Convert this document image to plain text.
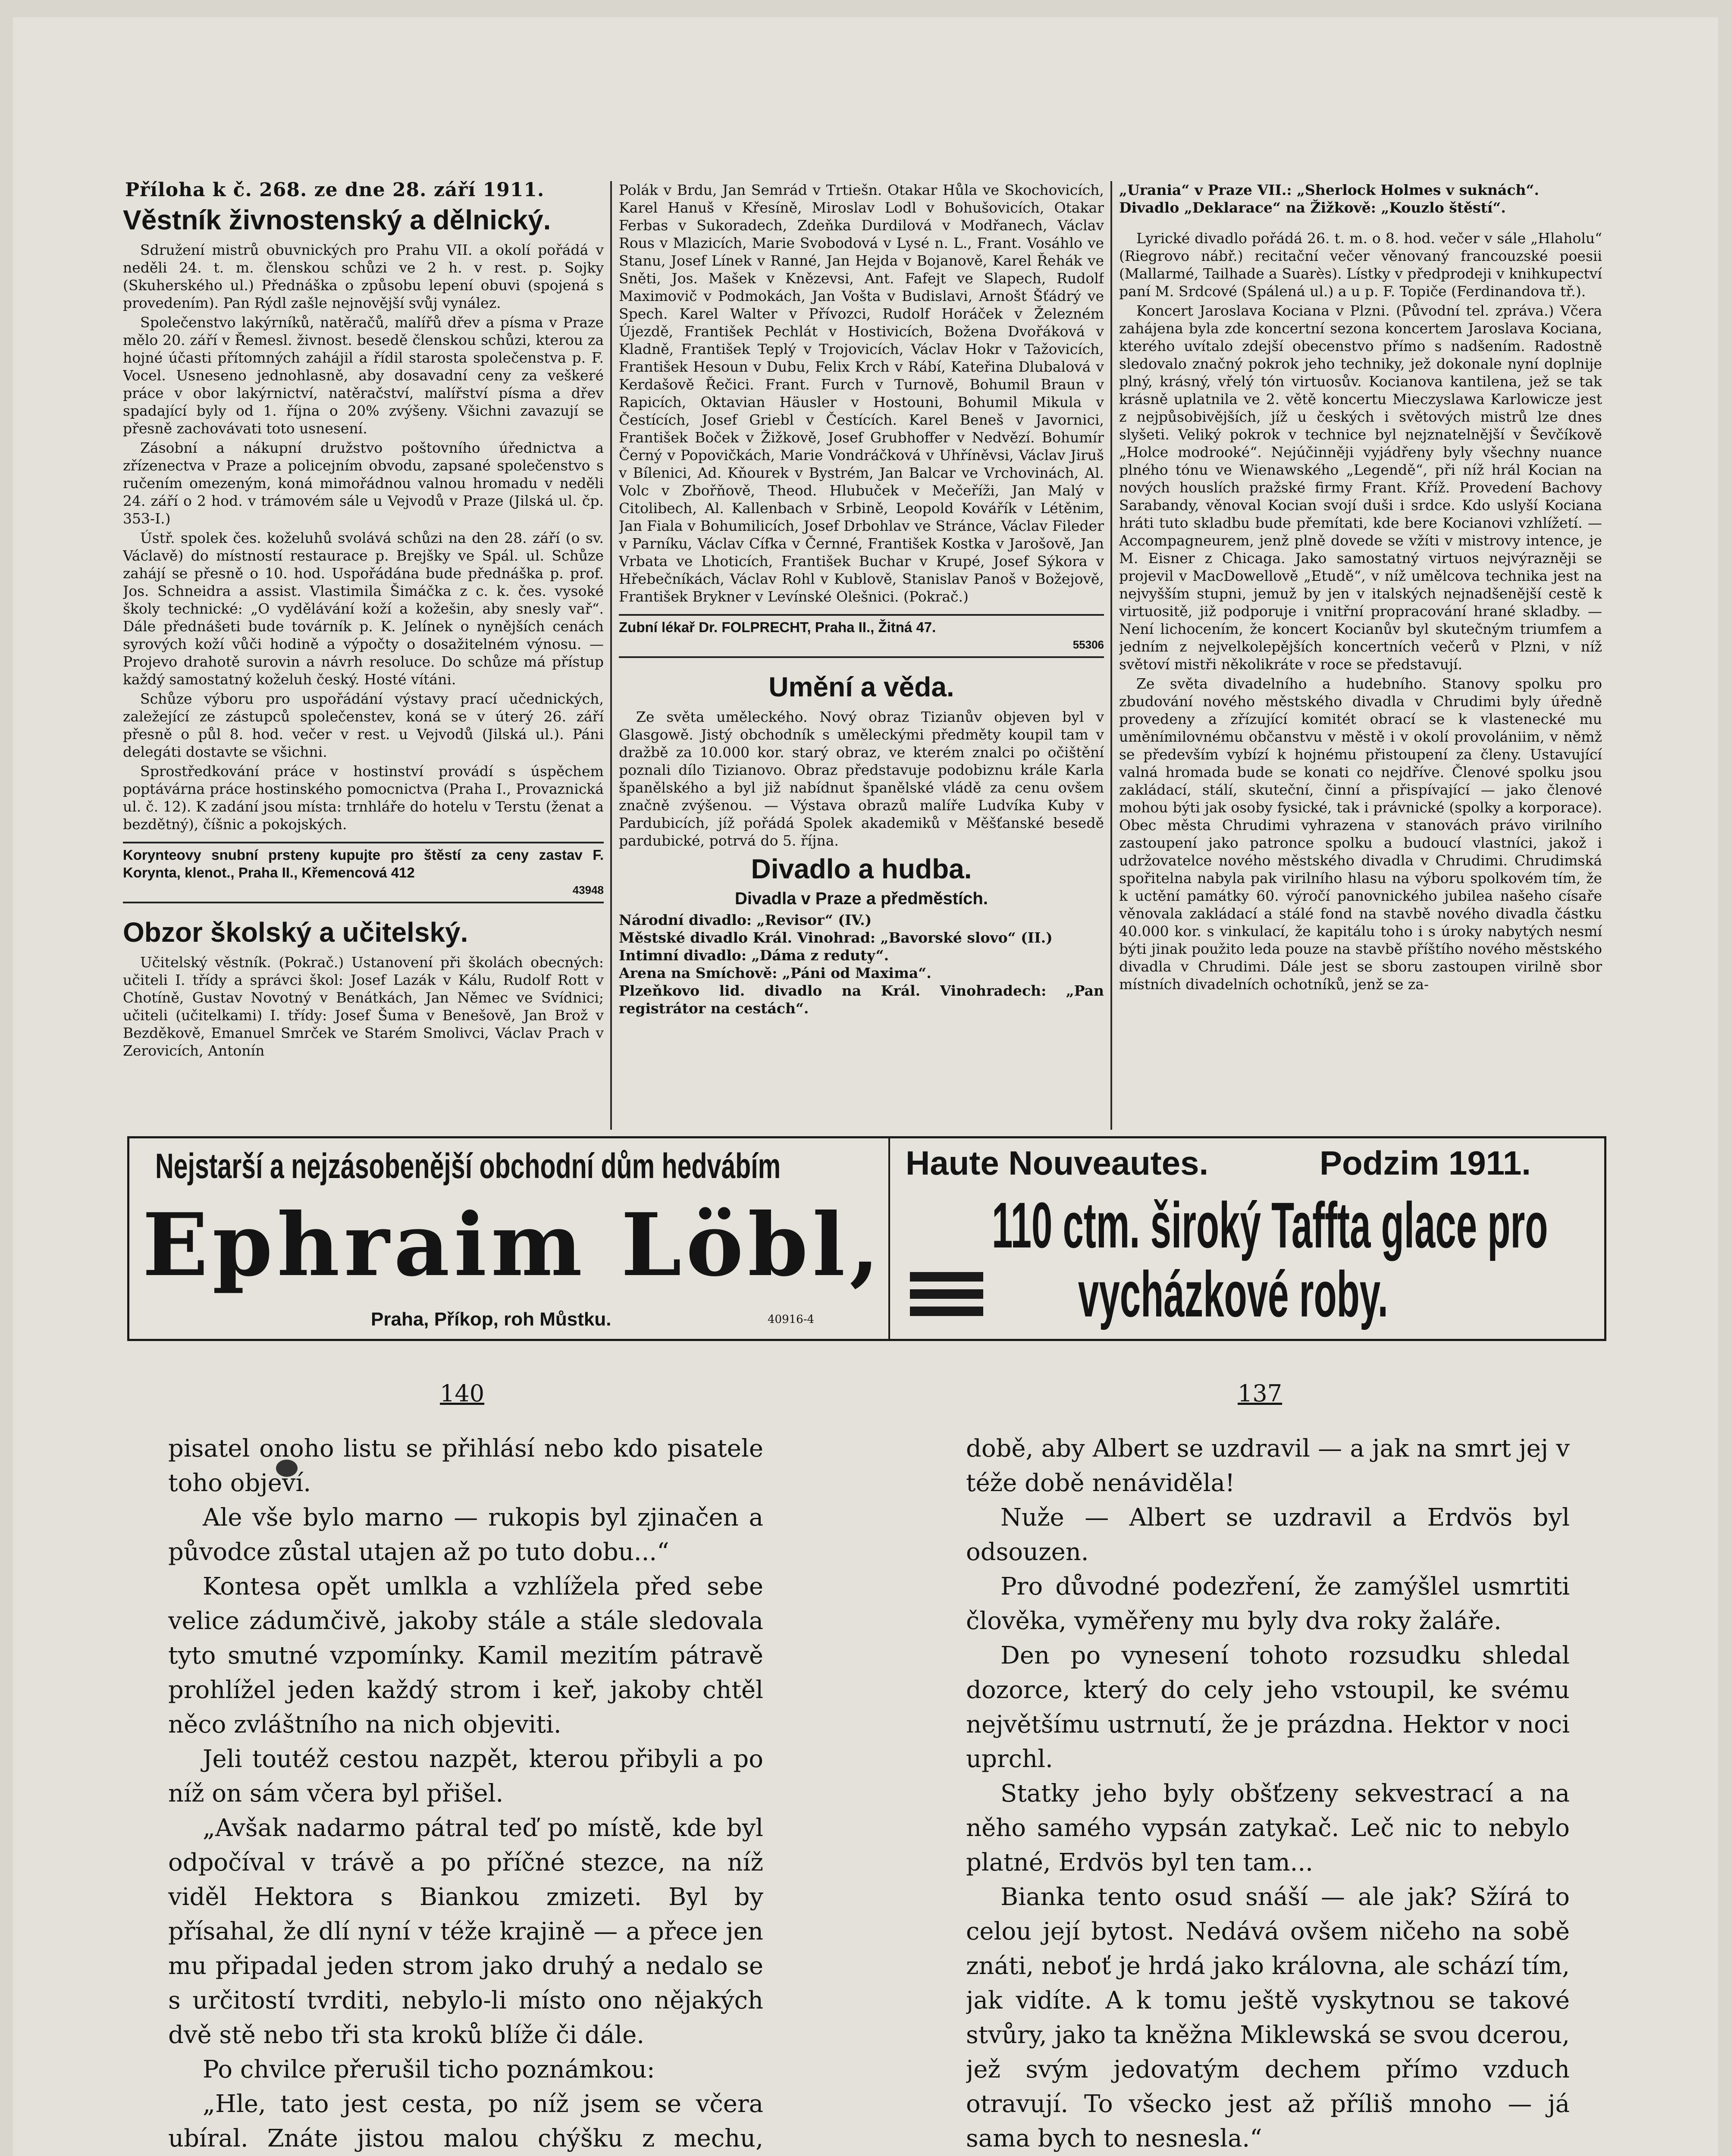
Příloha k č. 268. ze dne 28. září 1911.
Věstník živnostenský a dělnický.

Sdružení mistrů obuvnických pro Prahu VII. a okolí pořádá v neděli 24. t. m. členskou schůzi ve 2 h. v rest. p. Sojky (Skuherského ul.) Přednáška o způsobu lepení obuvi (spojená s provedením). Pan Rýdl zašle nejnovější svůj vynález.

Společenstvo lakýrníků, natěračů, malířů dřev a písma v Praze mělo 20. září v Řemesl. živnost. besedě členskou schůzi, kterou za hojné účasti přítomných zahájil a řídil starosta společenstva p. F. Vocel. Usneseno jednohlasně, aby dosavadní ceny za veškeré práce v obor lakýrnictví, natěračství, malířství písma a dřev spadající byly od 1. října o 20% zvýšeny. Všichni zavazují se přesně zachovávati toto usnesení.

Zásobní a nákupní družstvo poštovního úřednictva a zřízenectva v Praze a policejním obvodu, zapsané společenstvo s ručením omezeným, koná mimořádnou valnou hromadu v neděli 24. září o 2 hod. v trámovém sále u Vejvodů v Praze (Jilská ul. čp. 353-I.)

Ústř. spolek čes. koželuhů svolává schůzi na den 28. září (o sv. Václavě) do místností restaurace p. Brejšky ve Spál. ul. Schůze zahájí se přesně o 10. hod. Uspořádána bude přednáška p. prof. Jos. Schneidra a assist. Vlastimila Šimáčka z c. k. čes. vysoké školy technické: „O vydělávání koží a kožešin, aby snesly vař“. Dále přednášeti bude továrník p. K. Jelínek o nynějších cenách syrových koží vůči hodině a výpočty o dosažitelném výnosu. — Projevo drahotě surovin a návrh resoluce. Do schůze má přístup každý samostatný koželuh český. Hosté vítáni.

Schůze výboru pro uspořádání výstavy prací učednických, zaležející ze zástupců společenstev, koná se v úterý 26. září přesně o půl 8. hod. večer v rest. u Vejvodů (Jilská ul.). Páni delegáti dostavte se všichni.

Sprostředkování práce v hostinství provádí s úspěchem poptávárna práce hostinského pomocnictva (Praha I., Provaznická ul. č. 12). K zadání jsou místa: trnhláře do hotelu v Terstu (ženat a bezdětný), číšnic a pokojských.

Korynteovy snubní prsteny kupujte pro štěstí za ceny zastav F. Korynta, klenot., Praha II., Křemencová 412
43948
Obzor školský a učitelský.

Učitelský věstník. (Pokrač.) Ustanovení při školách obecných: učiteli I. třídy a správci škol: Josef Lazák v Kálu, Rudolf Rott v Chotíně, Gustav Novotný v Benátkách, Jan Němec ve Svídnici; učiteli (učitelkami) I. třídy: Josef Šuma v Benešově, Jan Brož v Bezděkově, Emanuel Smrček ve Starém Smolivci, Václav Prach v Zerovicích, Antonín

Polák v Brdu, Jan Semrád v Trtiešn. Otakar Hůla ve Skochovicích, Karel Hanuš v Křesíně, Miroslav Lodl v Bohušovicích, Otakar Ferbas v Sukoradech, Zdeňka Durdilová v Modřanech, Václav Rous v Mlazicích, Marie Svobodová v Lysé n. L., Frant. Vosáhlo ve Stanu, Josef Línek v Ranné, Jan Hejda v Bojanově, Karel Řehák ve Sněti, Jos. Mašek v Knězevsi, Ant. Fafejt ve Slapech, Rudolf Maximovič v Podmokách, Jan Vošta v Budislavi, Arnošt Šťádrý ve Spech. Karel Walter v Přívozci, Rudolf Horáček v Železném Újezdě, František Pechlát v Hostivicích, Božena Dvořáková v Kladně, František Teplý v Trojovicích, Václav Hokr v Tažovicích, František Hesoun v Dubu, Felix Krch v Rábí, Kateřina Dlubalová v Kerdašově Řečici. Frant. Furch v Turnově, Bohumil Braun v Rapicích, Oktavian Häusler v Hostouni, Bohumil Mikula v Čestících, Josef Griebl v Čestících. Karel Beneš v Javornici, František Boček v Žižkově, Josef Grubhoffer v Nedvězí. Bohumír Černý v Popovičkách, Marie Vondráčková v Uhříněvsi, Václav Jiruš v Bílenici, Ad. Kňourek v Bystrém, Jan Balcar ve Vrchovinách, Al. Volc v Zbořňově, Theod. Hlubuček v Mečeříži, Jan Malý v Citolibech, Al. Kallenbach v Srbině, Leopold Kovářík v Létěnim, Jan Fiala v Bohumilicích, Josef Drbohlav ve Stránce, Václav Fileder v Parníku, Václav Cífka v Černné, František Kostka v Jarošově, Jan Vrbata ve Lhoticích, František Buchar v Krupé, Josef Sýkora v Hřebečníkách, Václav Rohl v Kublově, Stanislav Panoš v Božejově, František Brykner v Levínské Olešnici. (Pokrač.)

Zubní lékař Dr. FOLPRECHT, Praha II., Žitná 47.
55306
Umění a věda.

Ze světa uměleckého. Nový obraz Tizianův objeven byl v Glasgowě. Jistý obchodník s uměleckými předměty koupil tam v dražbě za 10.000 kor. starý obraz, ve kterém znalci po očištění poznali dílo Tizianovo. Obraz představuje podobiznu krále Karla španělského a byl již nabídnut španělské vládě za cenu ovšem značně zvýšenou. — Výstava obrazů malíře Ludvíka Kuby v Pardubicích, jíž pořádá Spolek akademiků v Měšťanské besedě pardubické, potrvá do 5. října.

Divadlo a hudba.
Divadla v Praze a předměstích.

Národní divadlo: „Revisor“ (IV.)

Městské divadlo Král. Vinohrad: „Bavorské slovo“ (II.)

Intimní divadlo: „Dáma z reduty“.

Arena na Smíchově: „Páni od Maxima“.

Plzeňkovo lid. divadlo na Král. Vinohradech: „Pan registrátor na cestách“.

„Urania“ v Praze VII.: „Sherlock Holmes v suknách“.

Divadlo „Deklarace“ na Žižkově: „Kouzlo štěstí“.

Lyrické divadlo pořádá 26. t. m. o 8. hod. večer v sále „Hlaholu“ (Riegrovo nábř.) recitační večer věnovaný francouzské poesii (Mallarmé, Tailhade a Suarès). Lístky v předprodeji v knihkupectví paní M. Srdcové (Spálená ul.) a u p. F. Topiče (Ferdinandova tř.).

Koncert Jaroslava Kociana v Plzni. (Původní tel. zpráva.) Včera zahájena byla zde koncertní sezona koncertem Jaroslava Kociana, kterého uvítalo zdejší obecenstvo přímo s nadšením. Radostně sledovalo značný pokrok jeho techniky, jež dokonale nyní doplnije plný, krásný, vřelý tón virtuosův. Kocianova kantilena, jež se tak krásně uplatnila ve 2. větě koncertu Mieczyslawa Karlowicze jest z nejpůsobivějších, jíž u českých i světových mistrů lze dnes slyšeti. Veliký pokrok v technice byl nejznatelnější v Ševčíkově „Holce modrooké“. Nejúčinněji vyjádřeny byly všechny nuance plného tónu ve Wienawského „Legendě“, při níž hrál Kocian na nových houslích pražské firmy Frant. Kříž. Provedení Bachovy Sarabandy, věnoval Kocian svojí duši i srdce. Kdo uslyší Kociana hráti tuto skladbu bude přemítati, kde bere Kocianovi vzhlížetí. — Accompagneurem, jenž plně dovede se vžíti v mistrovy intence, je M. Eisner z Chicaga. Jako samostatný virtuos nejvýrazněji se projevil v MacDowellově „Etudě“, v níž umělcova technika jest na nejvyšším stupni, jemuž by jen v italských nejnadšenější cestě k virtuositě, již podporuje i vnitřní propracování hrané skladby. — Není lichocením, že koncert Kocianův byl skutečným triumfem a jedním z nejvelkolepějších koncertních večerů v Plzni, v níž světoví mistři několikráte v roce se představují.

Ze světa divadelního a hudebního. Stanovy spolku pro zbudování nového městského divadla v Chrudimi byly úředně provedeny a zřízující komitét obrací se k vlastenecké mu uměnímilovnému občanstvu v městě i v okolí provolániim, v němž se především vybízí k hojnému přistoupení za členy. Ustavující valná hromada bude se konati co nejdříve. Členové spolku jsou zakládací, stálí, skuteční, činní a přispívající — jako členové mohou býti jak osoby fysické, tak i právnické (spolky a korporace). Obec města Chrudimi vyhrazena v stanovách právo virilního zastoupení jako patronce spolku a budoucí vlastníci, jakož i udržovatelce nového městského divadla v Chrudimi. Chrudimská spořitelna nabyla pak virilního hlasu na výboru spolkovém tím, že k uctění památky 60. výročí panovnického jubilea našeho císaře věnovala zakládací a stálé fond na stavbě nového divadla částku 40.000 kor. s vinkulací, že kapitálu toho i s úroky nabytých nesmí býti jinak použito leda pouze na stavbě příštího nového městského divadla v Chrudimi. Dále jest se sboru zastoupen virilně sbor místních divadelních ochotníků, jenž se za-

Nejstarší a nejzásobenější obchodní dům hedvábím
Ephraim Löbl,
Praha, Příkop, roh Můstku.	40916-4
Haute Nouveautes.	Podzim 1911.
110 ctm. široký Taffta glace pro
vycházkové roby.
140	137

pisatel onoho listu se přihlásí nebo kdo pisatele toho objeví.

Ale vše bylo marno — rukopis byl zjinačen a původce zůstal utajen až po tuto dobu...“

Kontesa opět umlkla a vzhlížela před sebe velice zádumčivě, jakoby stále a stále sledovala tyto smutné vzpomínky. Kamil mezitím pátravě prohlížel jeden každý strom i keř, jakoby chtěl něco zvláštního na nich objeviti.

Jeli toutéž cestou nazpět, kterou přibyli a po níž on sám včera byl přišel.

„Avšak nadarmo pátral teď po místě, kde byl odpočíval v trávě a po příčné stezce, na níž viděl Hektora s Biankou zmizeti. Byl by přísahal, že dlí nyní v téže krajině — a přece jen mu připadal jeden strom jako druhý a nedalo se s určitostí tvrditi, nebylo-li místo ono nějakých dvě stě nebo tři sta kroků blíže či dále.

Po chvilce přerušil ticho poznámkou:

„Hle, tato jest cesta, po níž jsem se včera ubíral. Znáte jistou malou chýšku z mechu,

době, aby Albert se uzdravil — a jak na smrt jej v téže době nenáviděla!

Nuže — Albert se uzdravil a Erdvös byl odsouzen.

Pro důvodné podezření, že zamýšlel usmrtiti člověka, vyměřeny mu byly dva roky žaláře.

Den po vynesení tohoto rozsudku shledal dozorce, který do cely jeho vstoupil, ke svému největšímu ustrnutí, že je prázdna. Hektor v noci uprchl.

Statky jeho byly obšťzeny sekvestrací a na něho samého vypsán zatykač. Leč nic to nebylo platné, Erdvös byl ten tam...

Bianka tento osud snáší — ale jak? Sžírá to celou její bytost. Nedává ovšem ničeho na sobě znáti, neboť je hrdá jako královna, ale schází tím, jak vidíte. A k tomu ještě vyskytnou se takové stvůry, jako ta kněžna Miklewská se svou dcerou, jež svým jedovatým dechem přímo vzduch otravují. To všecko jest až příliš mnoho — já sama bych to nesnesla.“
